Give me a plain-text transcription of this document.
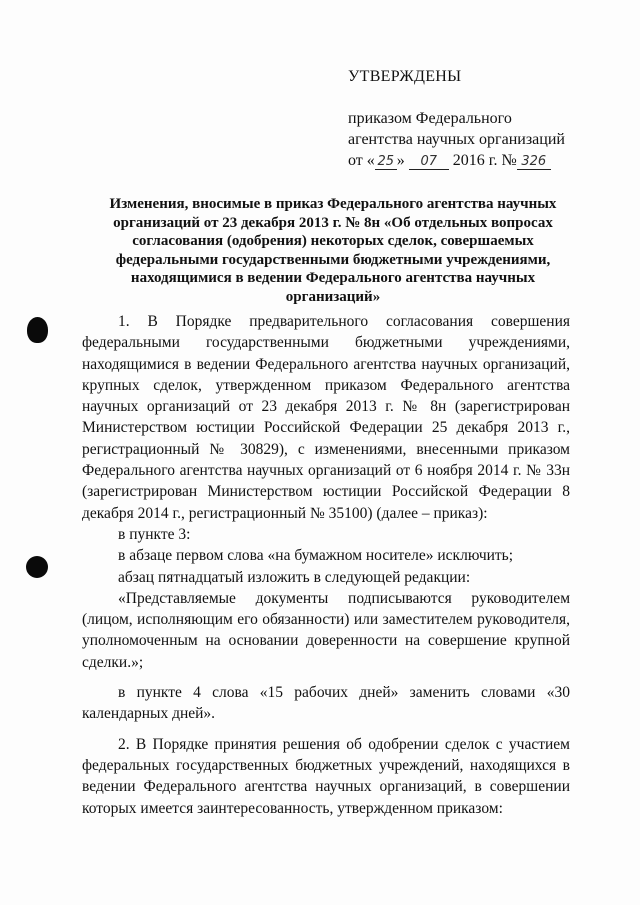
УТВЕРЖДЕНЫ
приказом Федерального
агентства научных организаций
от « 25 » 07 2016 г. № 326
Изменения, вносимые в приказ Федерального агентства научных организаций от 23 декабря 2013 г. № 8н «Об отдельных вопросах согласования (одобрения) некоторых сделок, совершаемых федеральными государственными бюджетными учреждениями, находящимися в ведении Федерального агентства научных организаций»

1. В Порядке предварительного согласования совершения федеральными государственными бюджетными учреждениями, находящимися в ведении Федерального агентства научных организаций, крупных сделок, утвержденном приказом Федерального агентства научных организаций от 23 декабря 2013 г. № 8н (зарегистрирован Министерством юстиции Российской Федерации 25 декабря 2013 г., регистрационный № 30829), с изменениями, внесенными приказом Федерального агентства научных организаций от 6 ноября 2014 г. № 33н (зарегистрирован Министерством юстиции Российской Федерации 8 декабря 2014 г., регистрационный № 35100) (далее – приказ):

в пункте 3:

в абзаце первом слова «на бумажном носителе» исключить;

абзац пятнадцатый изложить в следующей редакции:

«Представляемые документы подписываются руководителем (лицом, исполняющим его обязанности) или заместителем руководителя, уполномоченным на основании доверенности на совершение крупной сделки.»;

в пункте 4 слова «15 рабочих дней» заменить словами «30 календарных дней».

2. В Порядке принятия решения об одобрении сделок с участием федеральных государственных бюджетных учреждений, находящихся в ведении Федерального агентства научных организаций, в совершении которых имеется заинтересованность, утвержденном приказом:
